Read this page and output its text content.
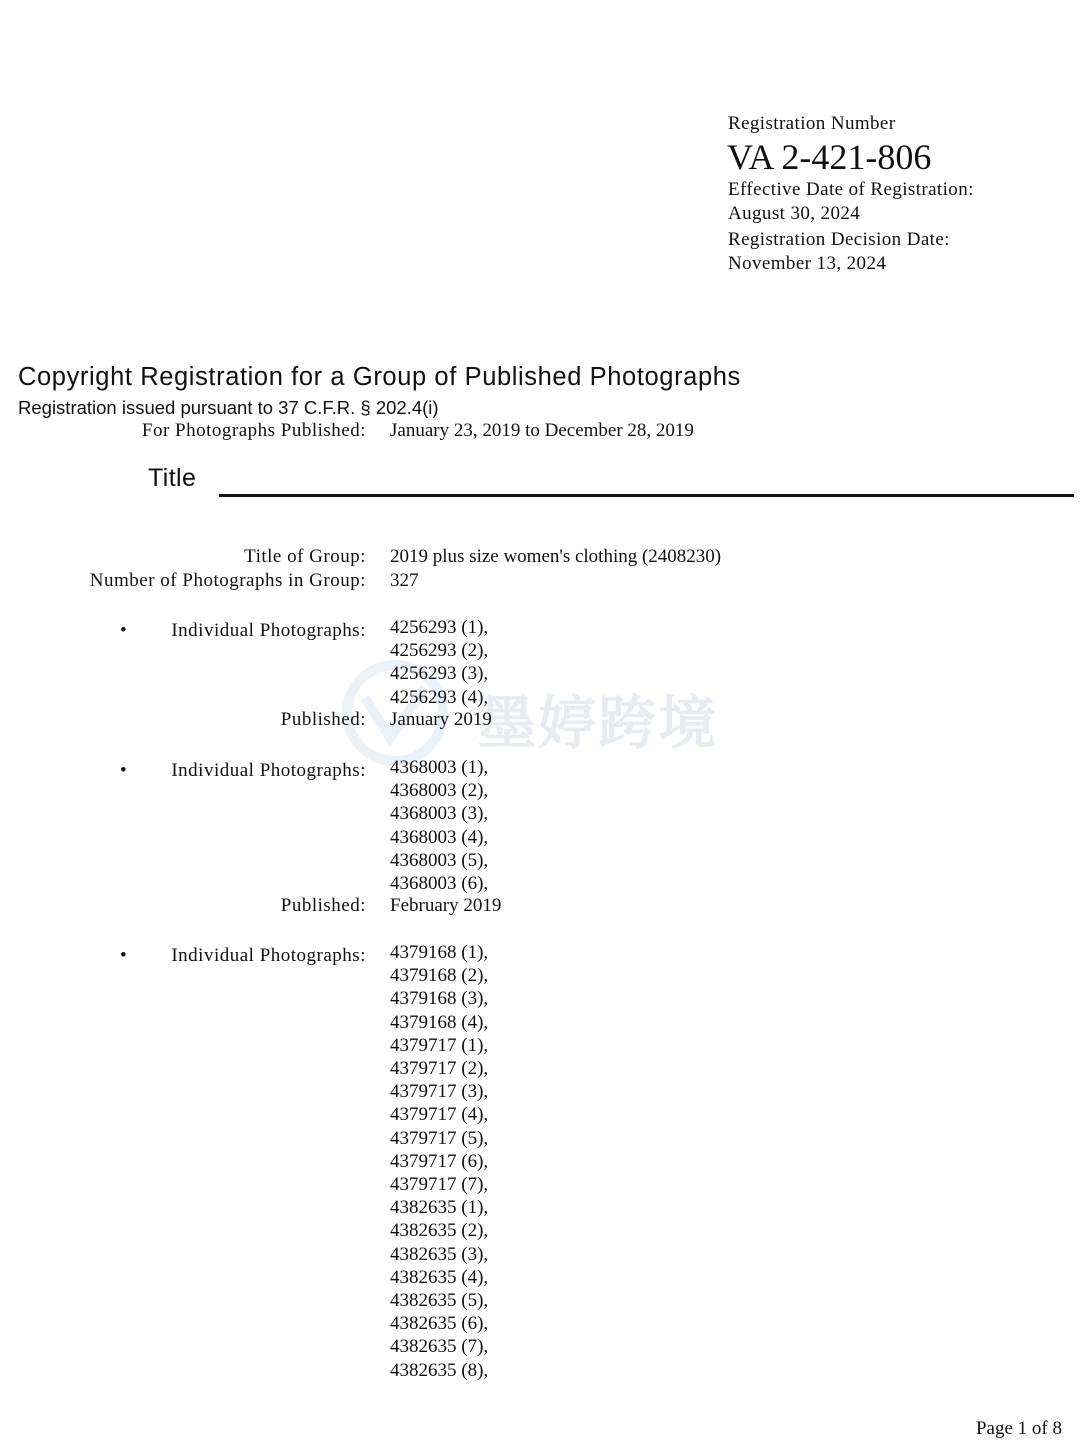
墨婷跨境
Registration Number
VA 2-421-806
Effective Date of Registration:
August 30, 2024
Registration Decision Date:
November 13, 2024
Copyright Registration for a Group of Published Photographs
Registration issued pursuant to 37 C.F.R. § 202.4(i)
For Photographs Published: January 23, 2019 to December 28, 2019
Title
Title of Group: 2019 plus size women's clothing (2408230)
Number of Photographs in Group: 327
• Individual Photographs: 4256293 (1),
4256293 (2),
4256293 (3),
4256293 (4),
Published: January 2019
• Individual Photographs: 4368003 (1),
4368003 (2),
4368003 (3),
4368003 (4),
4368003 (5),
4368003 (6),
Published: February 2019
• Individual Photographs: 4379168 (1),
4379168 (2),
4379168 (3),
4379168 (4),
4379717 (1),
4379717 (2),
4379717 (3),
4379717 (4),
4379717 (5),
4379717 (6),
4379717 (7),
4382635 (1),
4382635 (2),
4382635 (3),
4382635 (4),
4382635 (5),
4382635 (6),
4382635 (7),
4382635 (8),
Page 1 of 8
